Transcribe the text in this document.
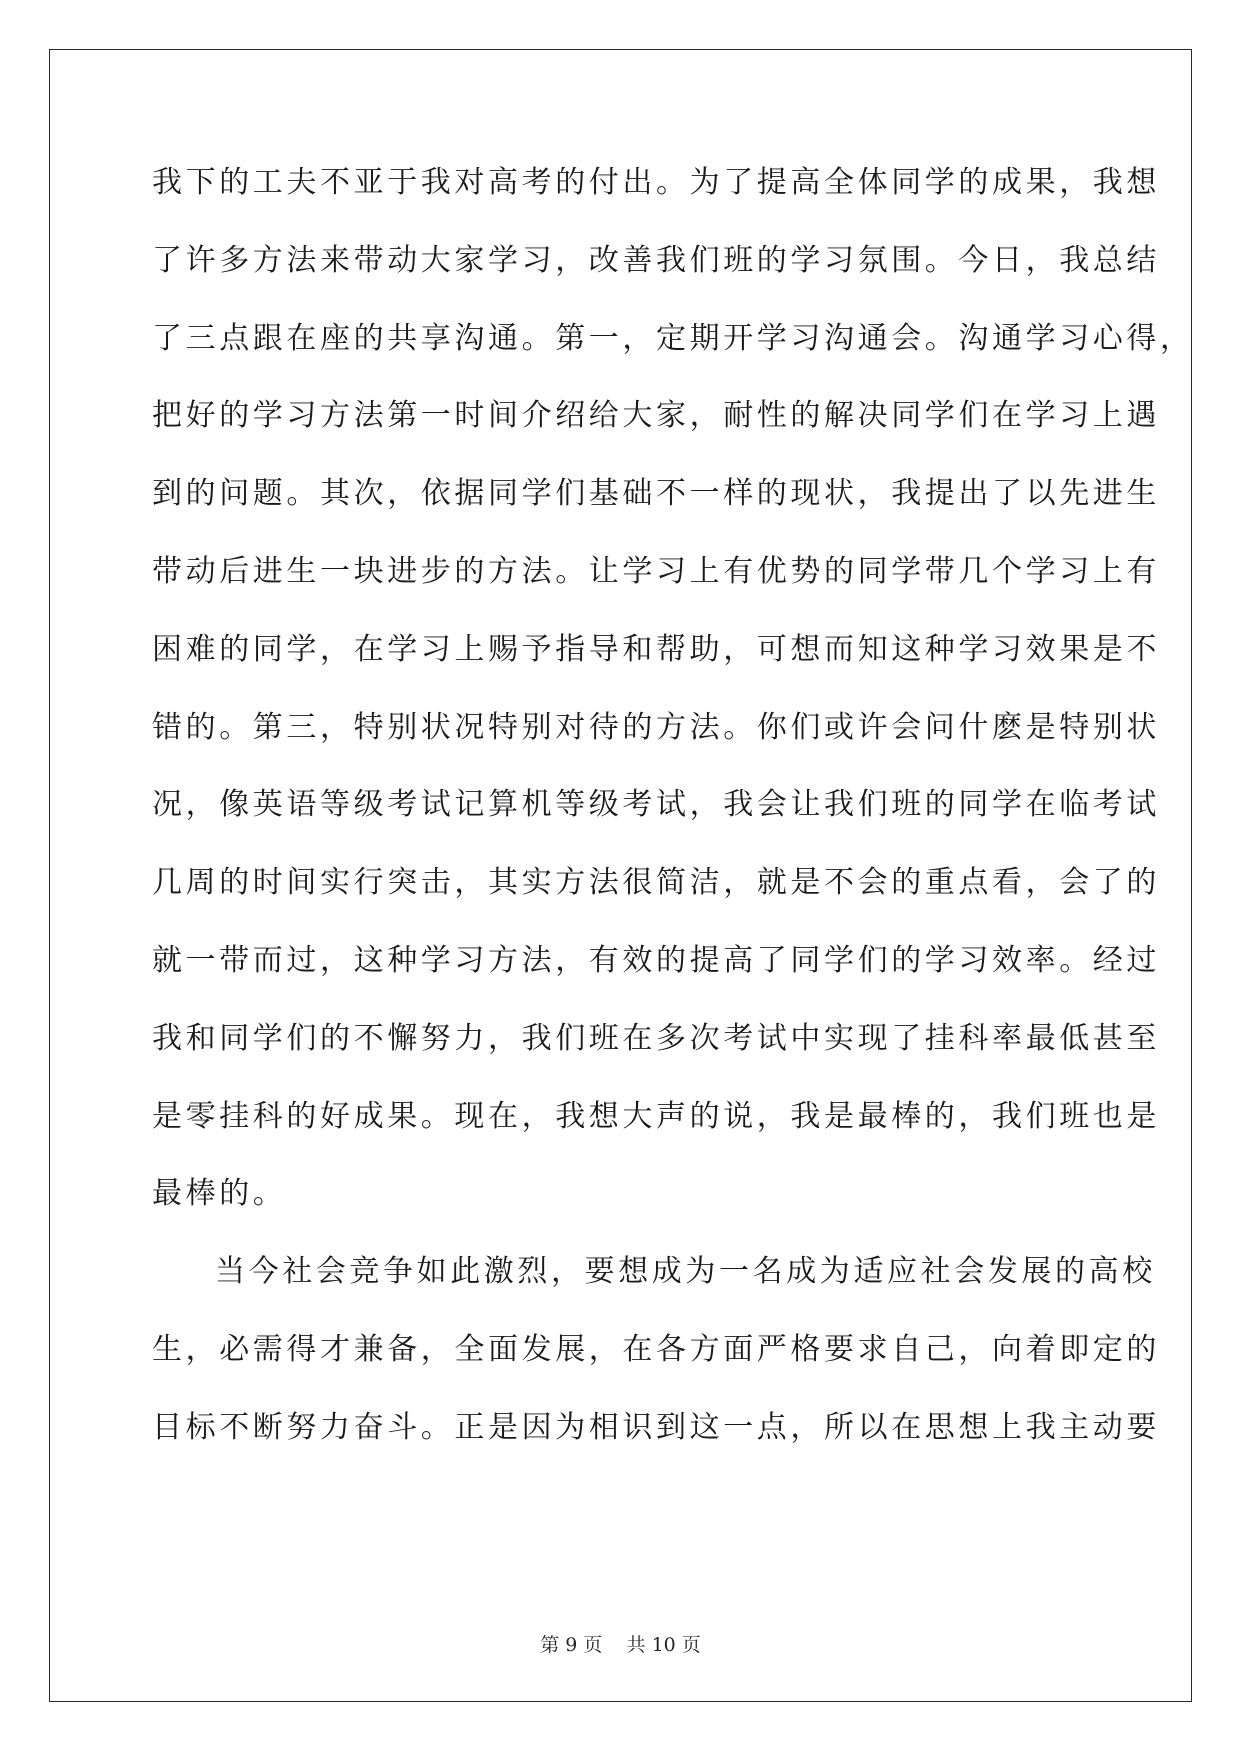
我下的工夫不亚于我对高考的付出。为了提高全体同学的成果，我想
了许多方法来带动大家学习，改善我们班的学习氛围。今日，我总结
了三点跟在座的共享沟通。第一，定期开学习沟通会。沟通学习心得，
把好的学习方法第一时间介绍给大家，耐性的解决同学们在学习上遇
到的问题。其次，依据同学们基础不一样的现状，我提出了以先进生
带动后进生一块进步的方法。让学习上有优势的同学带几个学习上有
困难的同学，在学习上赐予指导和帮助，可想而知这种学习效果是不
错的。第三，特别状况特别对待的方法。你们或许会问什麽是特别状
况，像英语等级考试记算机等级考试，我会让我们班的同学在临考试
几周的时间实行突击，其实方法很简洁，就是不会的重点看，会了的
就一带而过，这种学习方法，有效的提高了同学们的学习效率。经过
我和同学们的不懈努力，我们班在多次考试中实现了挂科率最低甚至
是零挂科的好成果。现在，我想大声的说，我是最棒的，我们班也是
最棒的。
当今社会竞争如此激烈，要想成为一名成为适应社会发展的高校
生，必需得才兼备，全面发展，在各方面严格要求自己，向着即定的
目标不断努力奋斗。正是因为相识到这一点，所以在思想上我主动要
第 9 页    共 10 页
